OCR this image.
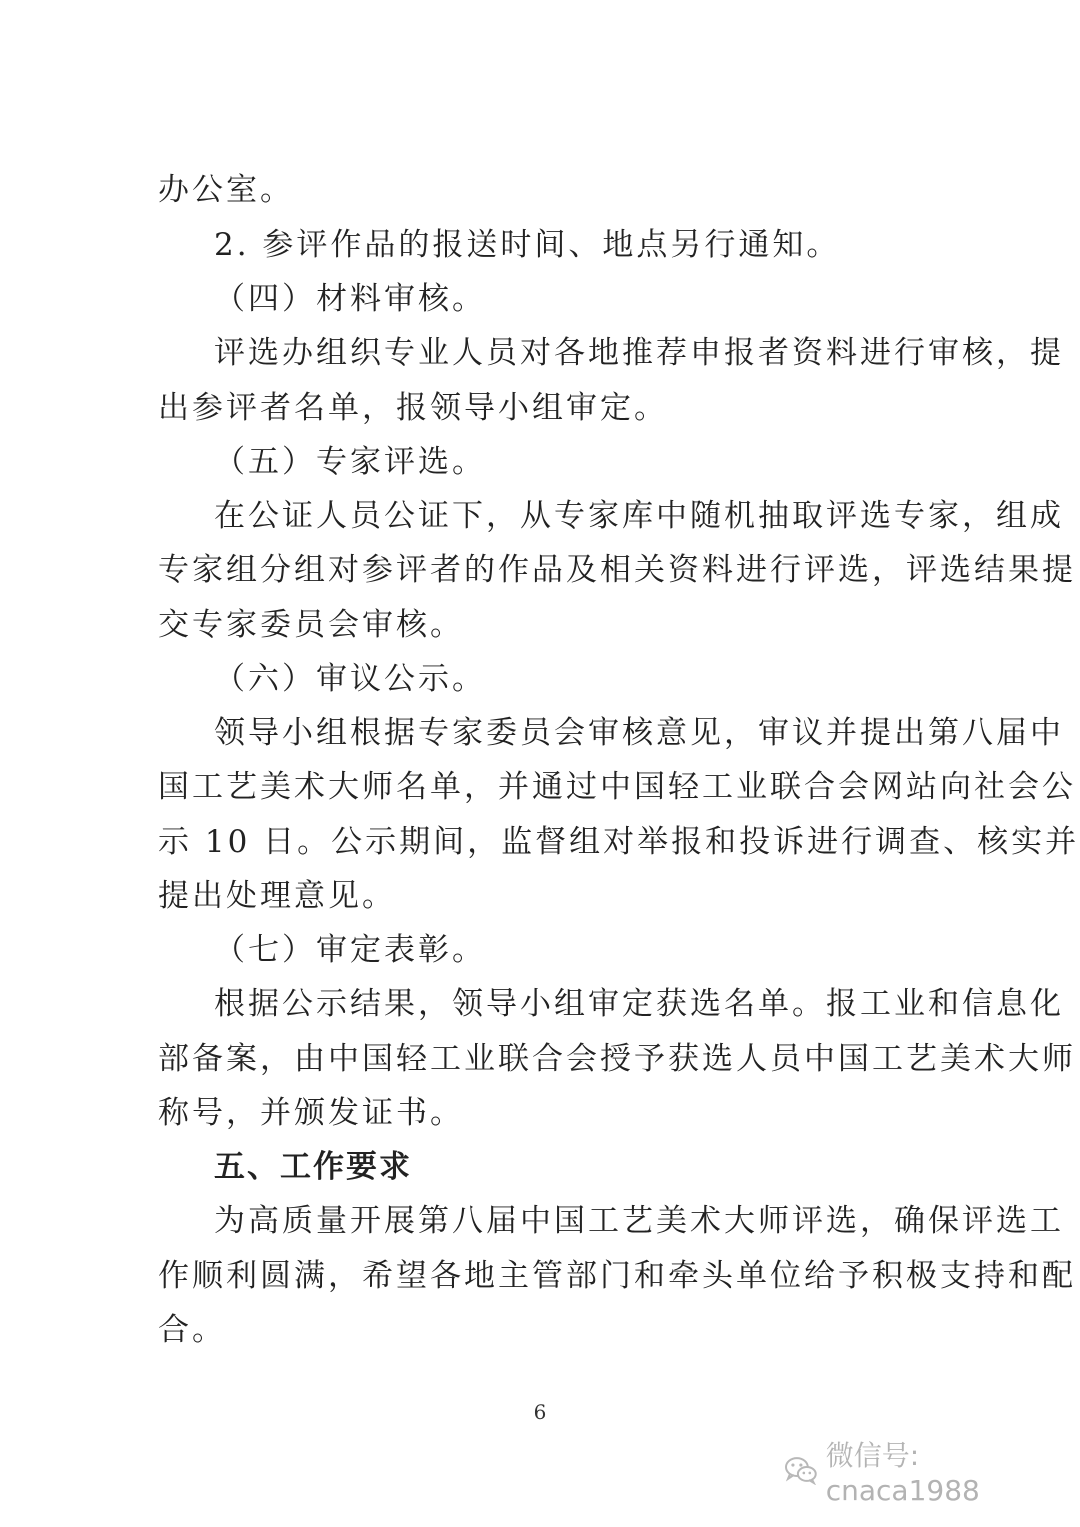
办公室。
2. 参评作品的报送时间、地点另行通知。
（四）材料审核。
评选办组织专业人员对各地推荐申报者资料进行审核，提
出参评者名单，报领导小组审定。
（五）专家评选。
在公证人员公证下，从专家库中随机抽取评选专家，组成
专家组分组对参评者的作品及相关资料进行评选，评选结果提
交专家委员会审核。
（六）审议公示。
领导小组根据专家委员会审核意见，审议并提出第八届中
国工艺美术大师名单，并通过中国轻工业联合会网站向社会公
示 10 日。公示期间，监督组对举报和投诉进行调查、核实并
提出处理意见。
（七）审定表彰。
根据公示结果，领导小组审定获选名单。报工业和信息化
部备案，由中国轻工业联合会授予获选人员中国工艺美术大师
称号，并颁发证书。
五、工作要求
为高质量开展第八届中国工艺美术大师评选，确保评选工
作顺利圆满，希望各地主管部门和牵头单位给予积极支持和配
合。
6
微信号: cnaca1988
